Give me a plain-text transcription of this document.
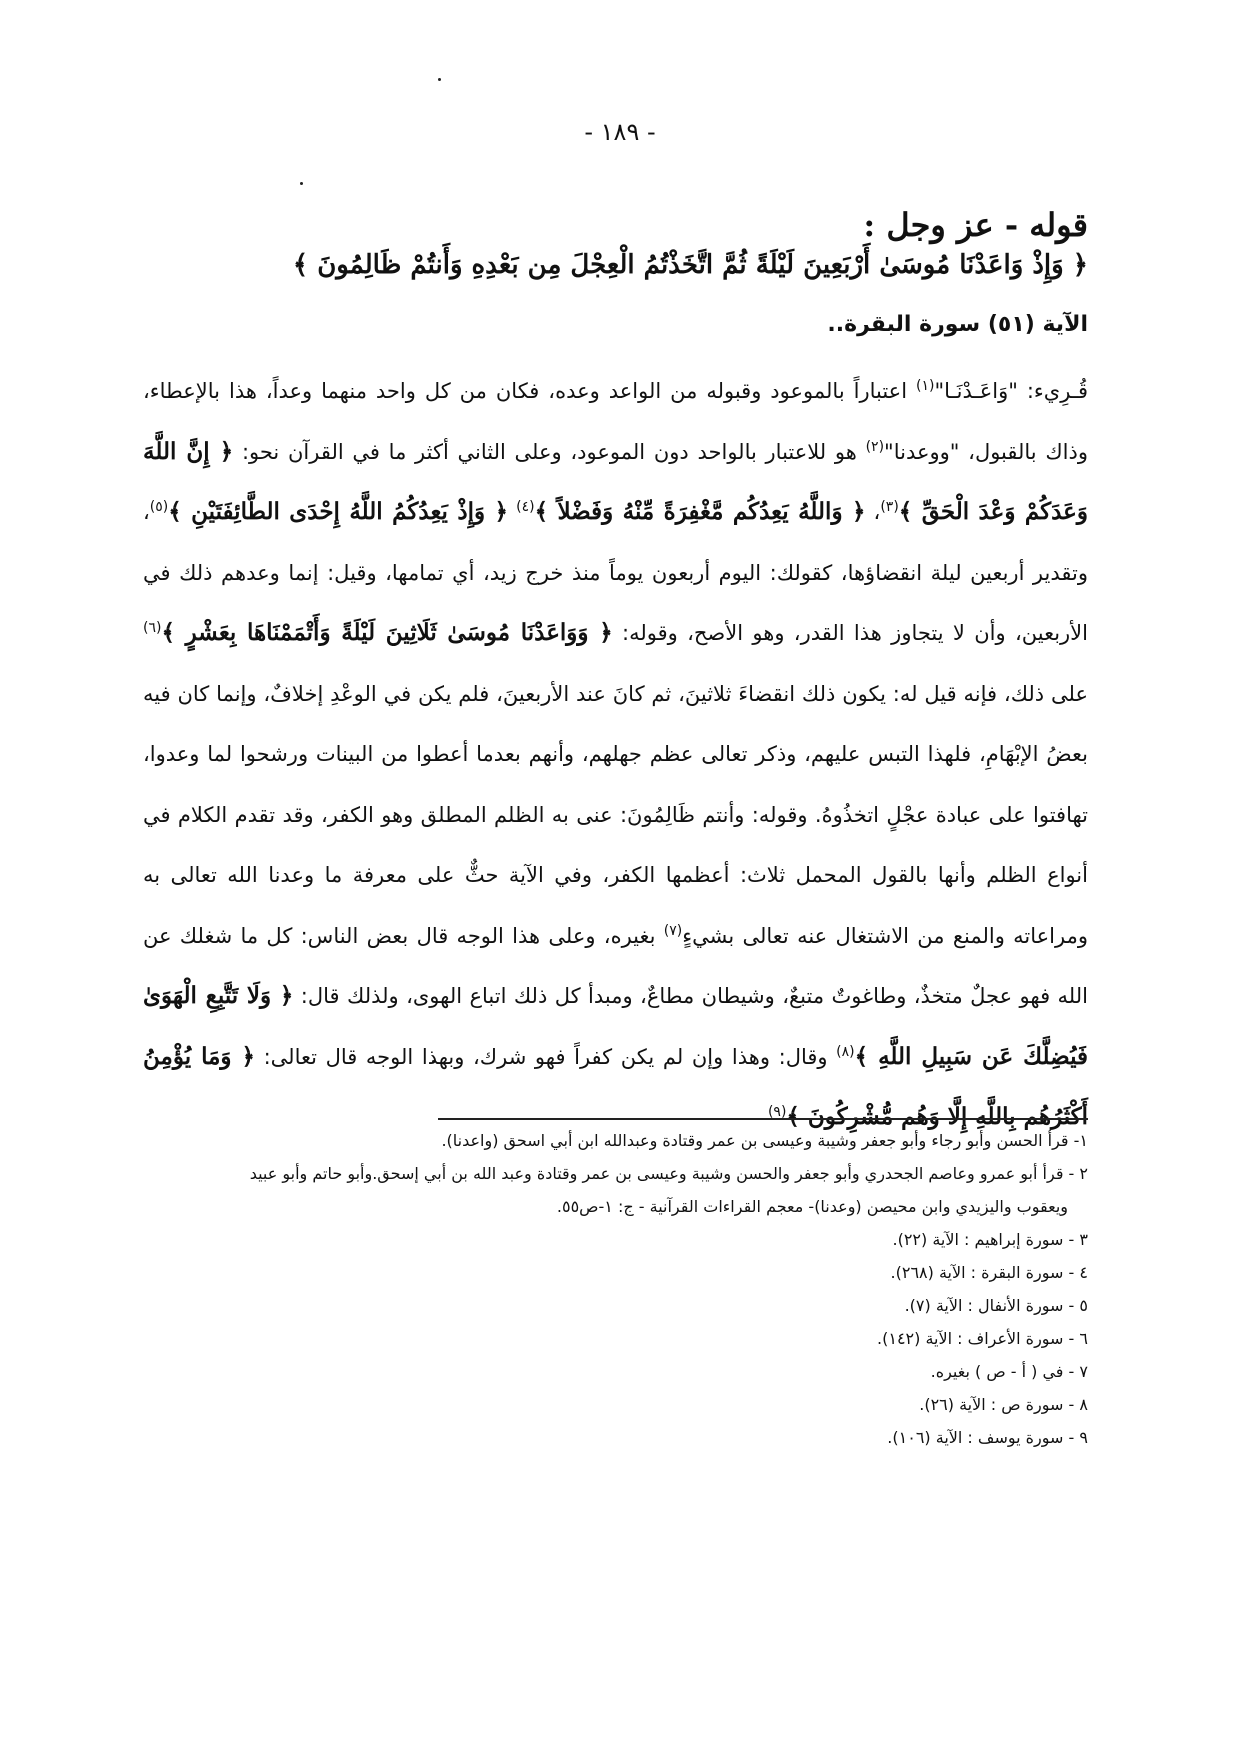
- ١٨٩ -

قوله - عز وجل :

﴿ وَإِذْ وَاعَدْنَا مُوسَىٰ أَرْبَعِينَ لَيْلَةً ثُمَّ اتَّخَذْتُمُ الْعِجْلَ مِن بَعْدِهِ وَأَنتُمْ ظَالِمُونَ ﴾

الآية (٥١) سورة البقرة..

قُـرِيء: "وَاعَـدْنَـا"$^{(١)}$ اعتباراً بالموعود وقبوله من الواعد وعده، فكان من كل واحد منهما وعداً، هذا بالإعطاء، وذاك بالقبول، "ووعدنا"$^{(٢)}$ هو للاعتبار بالواحد دون الموعود، وعلى الثاني أكثر ما في القرآن نحو: ﴿ إِنَّ اللَّهَ وَعَدَكُمْ وَعْدَ الْحَقِّ ﴾$^{(٣)}$، ﴿ وَاللَّهُ يَعِدُكُم مَّغْفِرَةً مِّنْهُ وَفَضْلاً ﴾$^{(٤)}$ ﴿ وَإِذْ يَعِدُكُمُ اللَّهُ إِحْدَى الطَّائِفَتَيْنِ ﴾$^{(٥)}$، وتقدير أربعين ليلة انقضاؤها، كقولك: اليوم أربعون يوماً منذ خرج زيد، أي تمامها، وقيل: إنما وعدهم ذلك في الأربعين، وأن لا يتجاوز هذا القدر، وهو الأصح، وقوله: ﴿ وَوَاعَدْنَا مُوسَىٰ ثَلَاثِينَ لَيْلَةً وَأَتْمَمْنَاهَا بِعَشْرٍ ﴾$^{(٦)}$ على ذلك، فإنه قيل له: يكون ذلك انقضاءَ ثلاثينَ، ثم كانَ عند الأربعينَ، فلم يكن في الوعْدِ إخلافٌ، وإنما كان فيه بعضُ الإبْهَامِ، فلهذا التبس عليهم، وذكر تعالى عظم جهلهم، وأنهم بعدما أعطوا من البينات ورشحوا لما وعدوا، تهافتوا على عبادة عجْلٍ اتخذُوهُ. وقوله: وأنتم ظَالِمُونَ: عنى به الظلم المطلق وهو الكفر، وقد تقدم الكلام في أنواع الظلم وأنها بالقول المحمل ثلاث: أعظمها الكفر، وفي الآية حثٌّ على معرفة ما وعدنا الله تعالى به ومراعاته والمنع من الاشتغال عنه تعالى بشيءٍ$^{(٧)}$ بغيره، وعلى هذا الوجه قال بعض الناس: كل ما شغلك عن الله فهو عجلٌ متخذٌ، وطاغوتٌ متبعٌ، وشيطان مطاعٌ، ومبدأ كل ذلك اتباع الهوى، ولذلك قال: ﴿ وَلَا تَتَّبِعِ الْهَوَىٰ فَيُضِلَّكَ عَن سَبِيلِ اللَّهِ ﴾$^{(٨)}$ وقال: وهذا وإن لم يكن كفراً فهو شرك، وبهذا الوجه قال تعالى: ﴿ وَمَا يُؤْمِنُ أَكْثَرُهُم بِاللَّهِ إِلَّا وَهُم مُّشْرِكُونَ ﴾$^{(٩)}$

١- قرأ الحسن وأبو رجاء وأبو جعفر وشيبة وعيسى بن عمر وقتادة وعبدالله ابن أبي اسحق (واعدنا).
٢ - قرأ أبو عمرو وعاصم الجحدري وأبو جعفر والحسن وشيبة وعيسى بن عمر وقتادة وعبد الله بن أبي إسحق.وأبو حاتم وأبو عبيد
ويعقوب واليزيدي وابن محيصن (وعدنا)- معجم القراءات القرآنية - ج: ١-ص٥٥.
٣ - سورة إبراهيم : الآية (٢٢).
٤ - سورة البقرة : الآية (٢٦٨).
٥ - سورة الأنفال : الآية (٧).
٦ - سورة الأعراف : الآية (١٤٢).
٧ - في ( أ - ص ) بغيره.
٨ - سورة ص : الآية (٢٦).
٩ - سورة يوسف : الآية (١٠٦).
